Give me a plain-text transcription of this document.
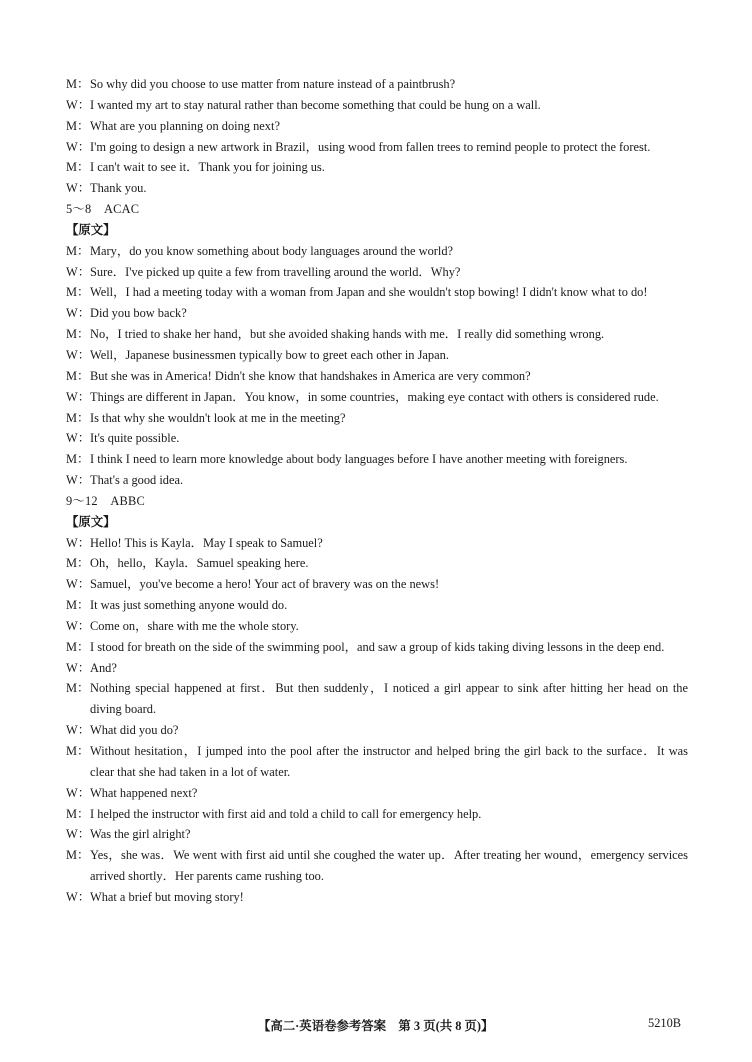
M： So why did you choose to use matter from nature instead of a paintbrush?
W： I wanted my art to stay natural rather than become something that could be hung on a wall.
M： What are you planning on doing next?
W： I'm going to design a new artwork in Brazil，using wood from fallen trees to remind people to protect the forest.
M： I can't wait to see it．Thank you for joining us.
W： Thank you.
5～8　ACAC
【原文】
M： Mary，do you know something about body languages around the world?
W： Sure．I've picked up quite a few from travelling around the world．Why?
M： Well，I had a meeting today with a woman from Japan and she wouldn't stop bowing! I didn't know what to do!
W： Did you bow back?
M： No，I tried to shake her hand，but she avoided shaking hands with me．I really did something wrong.
W： Well，Japanese businessmen typically bow to greet each other in Japan.
M： But she was in America! Didn't she know that handshakes in America are very common?
W： Things are different in Japan．You know，in some countries，making eye contact with others is considered rude.
M： Is that why she wouldn't look at me in the meeting?
W： It's quite possible.
M： I think I need to learn more knowledge about body languages before I have another meeting with foreigners.
W： That's a good idea.
9～12　ABBC
【原文】
W： Hello! This is Kayla．May I speak to Samuel?
M： Oh，hello，Kayla．Samuel speaking here.
W： Samuel，you've become a hero! Your act of bravery was on the news!
M： It was just something anyone would do.
W： Come on，share with me the whole story.
M： I stood for breath on the side of the swimming pool，and saw a group of kids taking diving lessons in the deep end.
W： And?
M： Nothing special happened at first．But then suddenly，I noticed a girl appear to sink after hitting her head on the diving board.
W： What did you do?
M： Without hesitation，I jumped into the pool after the instructor and helped bring the girl back to the surface．It was clear that she had taken in a lot of water.
W： What happened next?
M： I helped the instructor with first aid and told a child to call for emergency help.
W： Was the girl alright?
M： Yes，she was．We went with first aid until she coughed the water up．After treating her wound，emergency services arrived shortly．Her parents came rushing too.
W： What a brief but moving story!
【高二·英语卷参考答案　第 3 页(共 8 页)】	5210B
